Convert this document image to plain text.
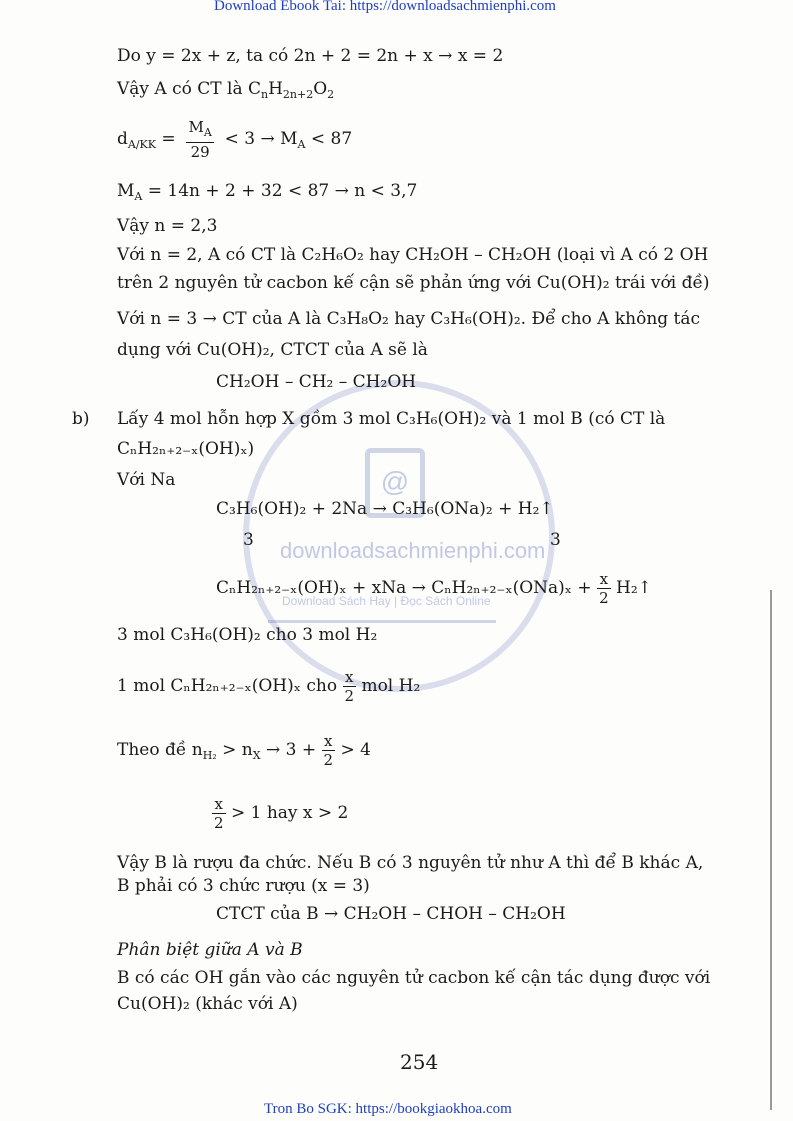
Download Ebook Tai: https://downloadsachmienphi.com
Tron Bo SGK: https://bookgiaokhoa.com
@
downloadsachmienphi.com
Download Sách Hay | Đọc Sách Online
Do y = 2x + z, ta có 2n + 2 = 2n + x → x = 2
Vậy A có CT là $C_nH_{2n+2}O_2$
$d_{A/KK} = \frac{M_A}{29} < 3 \to M_A < 87$
$M_A = 14n + 2 + 32 < 87 \to n < 3,7$
Vậy n = 2,3
Với n = 2, A có CT là C₂H₆O₂ hay CH₂OH – CH₂OH (loại vì A có 2 OH
trên 2 nguyên tử cacbon kế cận sẽ phản ứng với Cu(OH)₂ trái với đề)
Với n = 3 → CT của A là C₃H₈O₂ hay C₃H₆(OH)₂. Để cho A không tác
dụng với Cu(OH)₂, CTCT của A sẽ là
CH₂OH – CH₂ – CH₂OH
b) Lấy 4 mol hỗn hợp X gồm 3 mol C₃H₆(OH)₂ và 1 mol B (có CT là
CₙH₂ₙ₊₂₋ₓ(OH)ₓ)
Với Na
C₃H₆(OH)₂ + 2Na → C₃H₆(ONa)₂ + H₂↑
3	3
CₙH₂ₙ₊₂₋ₓ(OH)ₓ + xNa → $C_nH_{2n+2-x}(ONa)_x + \frac{x}{2}$ H₂↑
3 mol C₃H₆(OH)₂ cho 3 mol H₂
1 mol CₙH₂ₙ₊₂₋ₓ(OH)ₓ cho $\frac{x}{2}$ mol H₂
Theo đề $n_{H_2} > n_X \to 3 + \frac{x}{2} > 4$
$\frac{x}{2} > 1$ hay x > 2
Vậy B là rượu đa chức. Nếu B có 3 nguyên tử như A thì để B khác A,
B phải có 3 chức rượu (x = 3)
CTCT của B → CH₂OH – CHOH – CH₂OH
Phân biệt giữa A và B
B có các OH gắn vào các nguyên tử cacbon kế cận tác dụng được với
Cu(OH)₂ (khác với A)
254
